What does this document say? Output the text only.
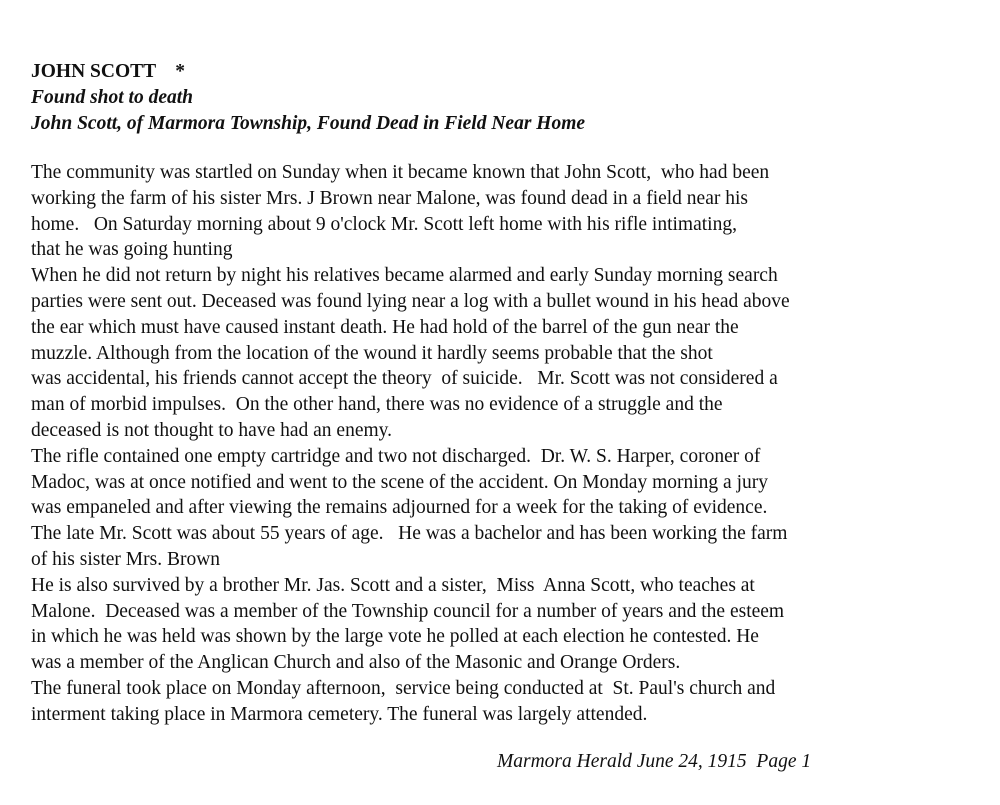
JOHN SCOTT    *
Found shot to death
John Scott, of Marmora Township, Found Dead in Field Near Home
The community was startled on Sunday when it became known that John Scott,  who had been
working the farm of his sister Mrs. J Brown near Malone, was found dead in a field near his
home.   On Saturday morning about 9 o'clock Mr. Scott left home with his rifle intimating,
that he was going hunting
When he did not return by night his relatives became alarmed and early Sunday morning search
parties were sent out. Deceased was found lying near a log with a bullet wound in his head above
the ear which must have caused instant death. He had hold of the barrel of the gun near the
muzzle. Although from the location of the wound it hardly seems probable that the shot
was accidental, his friends cannot accept the theory  of suicide.   Mr. Scott was not considered a
man of morbid impulses.  On the other hand, there was no evidence of a struggle and the
deceased is not thought to have had an enemy.
The rifle contained one empty cartridge and two not discharged.  Dr. W. S. Harper, coroner of
Madoc, was at once notified and went to the scene of the accident. On Monday morning a jury
was empaneled and after viewing the remains adjourned for a week for the taking of evidence.
The late Mr. Scott was about 55 years of age.   He was a bachelor and has been working the farm
of his sister Mrs. Brown
He is also survived by a brother Mr. Jas. Scott and a sister,  Miss  Anna Scott, who teaches at
Malone.  Deceased was a member of the Township council for a number of years and the esteem
in which he was held was shown by the large vote he polled at each election he contested. He
was a member of the Anglican Church and also of the Masonic and Orange Orders.
The funeral took place on Monday afternoon,  service being conducted at  St. Paul's church and
interment taking place in Marmora cemetery. The funeral was largely attended.
Marmora Herald June 24, 1915  Page 1
